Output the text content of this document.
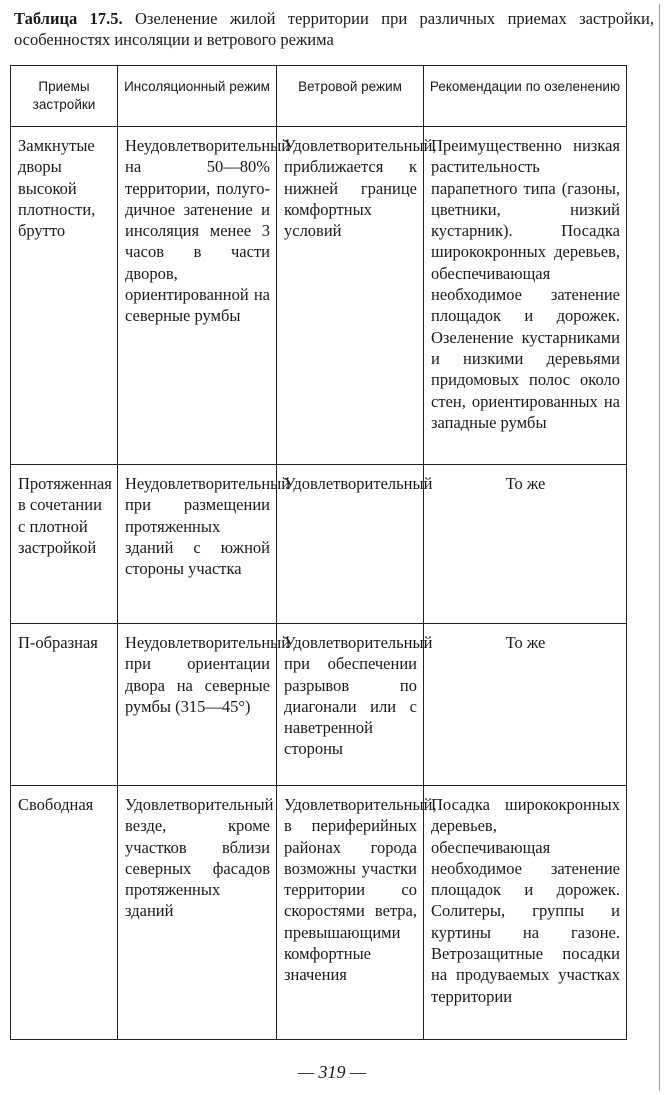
Таблица 17.5. Озеленение жилой территории при различных приемах застройки, особенностях инсоляции и ветрового режима
Приемы застройки	Инсоляционный режим	Ветровой режим	Рекомендации по озеленению
Замкнутые дворы высокой плотности, брутто	Неудовлетворительный на 50—80% территории, полугодичное затенение и инсоляция менее 3 часов в части дворов, ориентированной на северные румбы	Удовлетворительный, приближается к нижней границе комфортных условий	Преимущественно низкая растительность парапетного типа (газоны, цветники, низкий кустарник). Посадка ширококронных деревьев, обеспечивающая необходимое затенение площадок и дорожек. Озеленение кустарниками и низкими деревьями придомовых полос около стен, ориентированных на западные румбы
Протяженная в сочетании с плотной застройкой	Неудовлетворительный при размещении протяженных зданий с южной стороны участка	Удовлетворительный	То же
П-образная	Неудовлетворительный при ориентации двора на северные румбы (315—45°)	Удовлетворительный при обеспечении разрывов по диагонали или с наветренной стороны	То же
Свободная	Удовлетворительный везде, кроме участков вблизи северных фасадов протяженных зданий	Удовлетворительный, в периферийных районах города возможны участки территории со скоростями ветра, превышающими комфортные значения	Посадка ширококронных деревьев, обеспечивающая необходимое затенение площадок и дорожек. Солитеры, группы и куртины на газоне. Ветрозащитные посадки на продуваемых участках территории
— 319 —
